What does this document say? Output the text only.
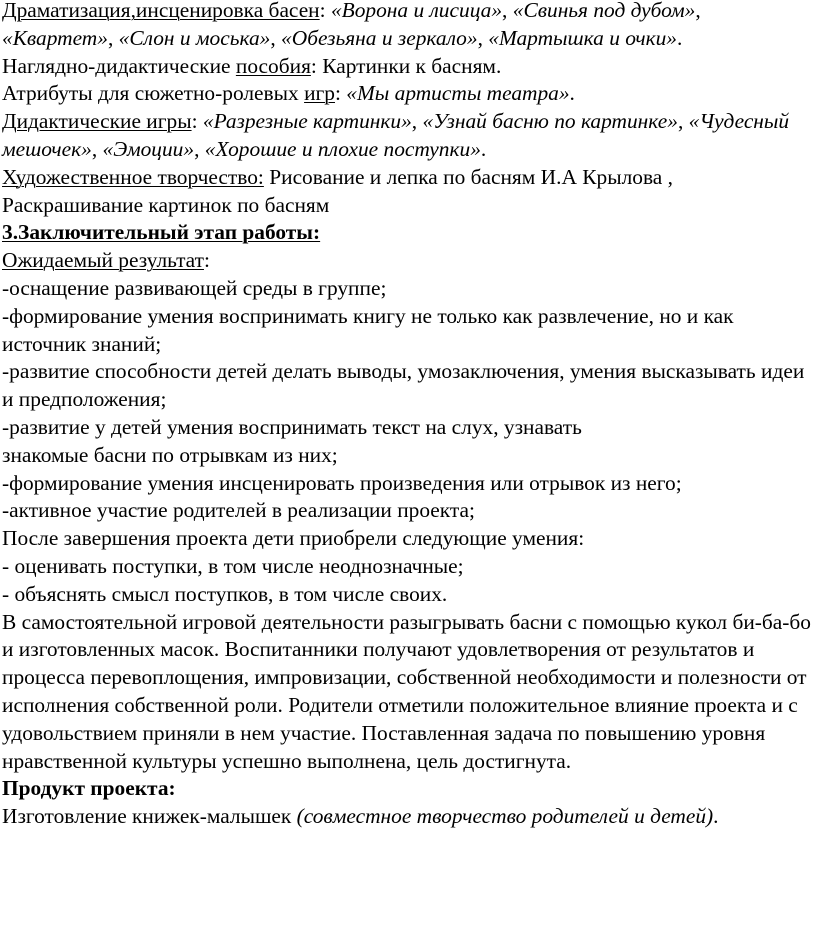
Драматизация,инсценировка басен: «Ворона и лисица», «Свинья под дубом», «Квартет», «Слон и моська», «Обезьяна и зеркало», «Мартышка и очки».

Наглядно-дидактические пособия: Картинки к басням.

Атрибуты для сюжетно-ролевых игр: «Мы артисты театра».

Дидактические игры: «Разрезные картинки», «Узнай басню по картинке», «Чудесный мешочек», «Эмоции», «Хорошие и плохие поступки».

Художественное творчество: Рисование и лепка по басням И.А Крылова , Раскрашивание картинок по басням

3.Заключительный этап работы:

Ожидаемый результат:

-оснащение развивающей среды в группе;

-формирование умения воспринимать книгу не только как развлечение, но и как источник знаний;

-развитие способности детей делать выводы, умозаключения, умения высказывать идеи и предположения;

-развитие у детей умения воспринимать текст на слух, узнавать

знакомые басни по отрывкам из них;

-формирование умения инсценировать произведения или отрывок из него;

-активное участие родителей в реализации проекта;

После завершения проекта дети приобрели следующие умения:

- оценивать поступки, в том числе неоднозначные;

- объяснять смысл поступков, в том числе своих.

В самостоятельной игровой деятельности разыгрывать басни с помощью кукол би-ба-бо и изготовленных масок. Воспитанники получают удовлетворения от результатов и процесса перевоплощения, импровизации, собственной необходимости и полезности от исполнения собственной роли. Родители отметили положительное влияние проекта и с удовольствием приняли в нем участие. Поставленная задача по повышению уровня нравственной культуры успешно выполнена, цель достигнута.

Продукт проекта:

Изготовление книжек-малышек (совместное творчество родителей и детей).
